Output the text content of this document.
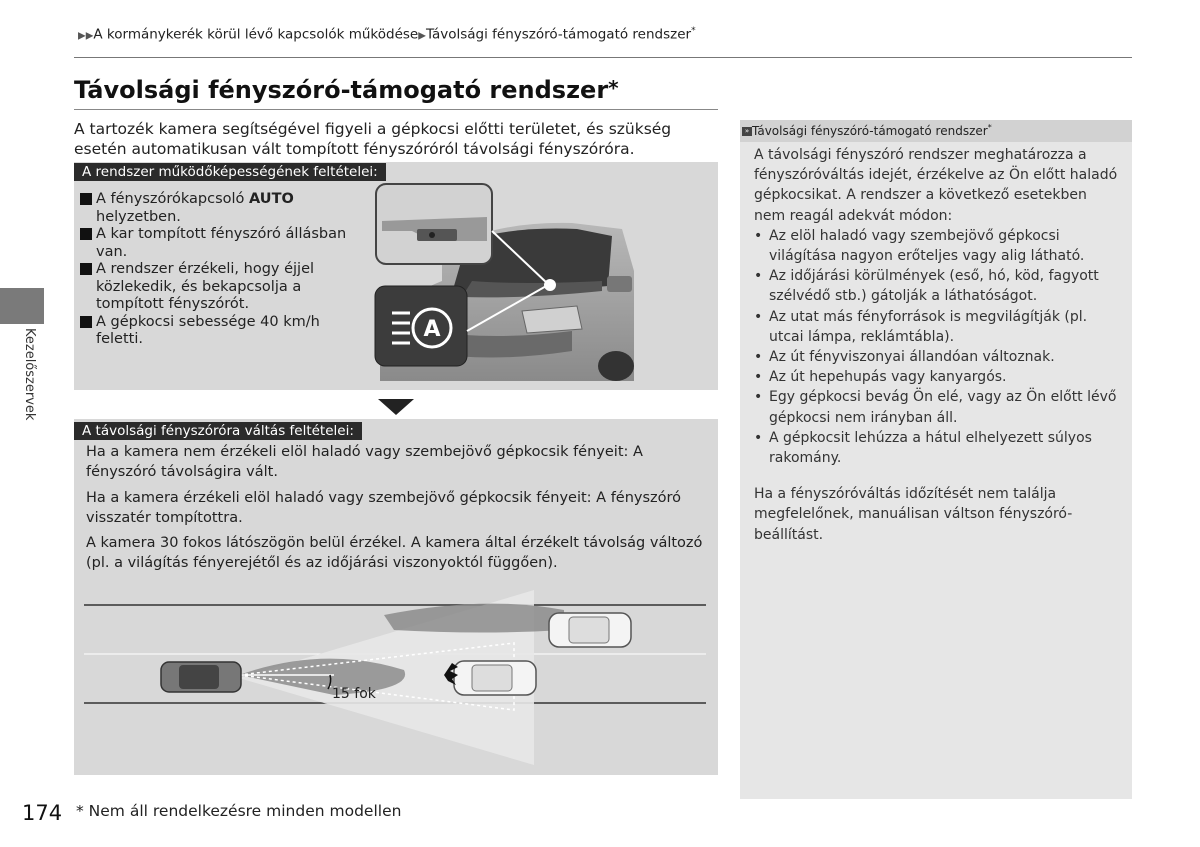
▶▶A kormánykerék körül lévő kapcsolók működése▶Távolsági fényszóró-támogató rendszer*
Távolsági fényszóró-támogató rendszer*
A tartozék kamera segítségével figyeli a gépkocsi előtti területet, és szükség esetén automatikusan vált tompított fényszóróról távolsági fényszóróra.
A rendszer működőképességének feltételei:
A fényszórókapcsoló AUTO helyzetben.
A kar tompított fényszóró állásban van.
A rendszer érzékeli, hogy éjjel közlekedik, és bekapcsolja a tompított fényszórót.
A gépkocsi sebessége 40 km/h feletti.	A
A távolsági fényszóróra váltás feltételei:
Ha a kamera nem érzékeli elöl haladó vagy szembejövő gépkocsik fényeit: A fényszóró távolságira vált.
Ha a kamera érzékeli elöl haladó vagy szembejövő gépkocsik fényeit: A fényszóró visszatér tompítottra.
A kamera 30 fokos látószögön belül érzékel. A kamera által érzékelt távolság változó (pl. a világítás fényerejétől és az időjárási viszonyoktól függően).
15 fok
» Távolsági fényszóró-támogató rendszer*
A távolsági fényszóró rendszer meghatározza a fényszóróváltás idejét, érzékelve az Ön előtt haladó gépkocsikat. A rendszer a következő esetekben nem reagál adekvát módon:
• Az elöl haladó vagy szembejövő gépkocsi világítása nagyon erőteljes vagy alig látható.
• Az időjárási körülmények (eső, hó, köd, fagyott szélvédő stb.) gátolják a láthatóságot.
• Az utat más fényforrások is megvilágítják (pl. utcai lámpa, reklámtábla).
• Az út fényviszonyai állandóan változnak.
• Az út hepehupás vagy kanyargós.
• Egy gépkocsi bevág Ön elé, vagy az Ön előtt lévő gépkocsi nem irányban áll.
• A gépkocsit lehúzza a hátul elhelyezett súlyos rakomány.
Ha a fényszóróváltás időzítését nem találja megfelelőnek, manuálisan váltson fényszóró-beállítást.
Kezelőszervek
174 * Nem áll rendelkezésre minden modellen
